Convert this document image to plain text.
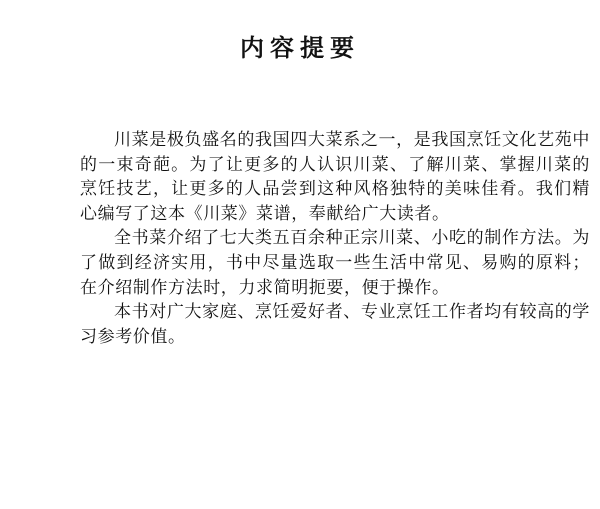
内容提要

川菜是极负盛名的我国四大菜系之一，是我国烹饪文化艺苑中的一束奇葩。为了让更多的人认识川菜、了解川菜、掌握川菜的烹饪技艺，让更多的人品尝到这种风格独特的美味佳肴。我们精心编写了这本《川菜》菜谱，奉献给广大读者。

全书菜介绍了七大类五百余种正宗川菜、小吃的制作方法。为了做到经济实用，书中尽量选取一些生活中常见、易购的原料；在介绍制作方法时，力求简明扼要，便于操作。

本书对广大家庭、烹饪爱好者、专业烹饪工作者均有较高的学习参考价值。
